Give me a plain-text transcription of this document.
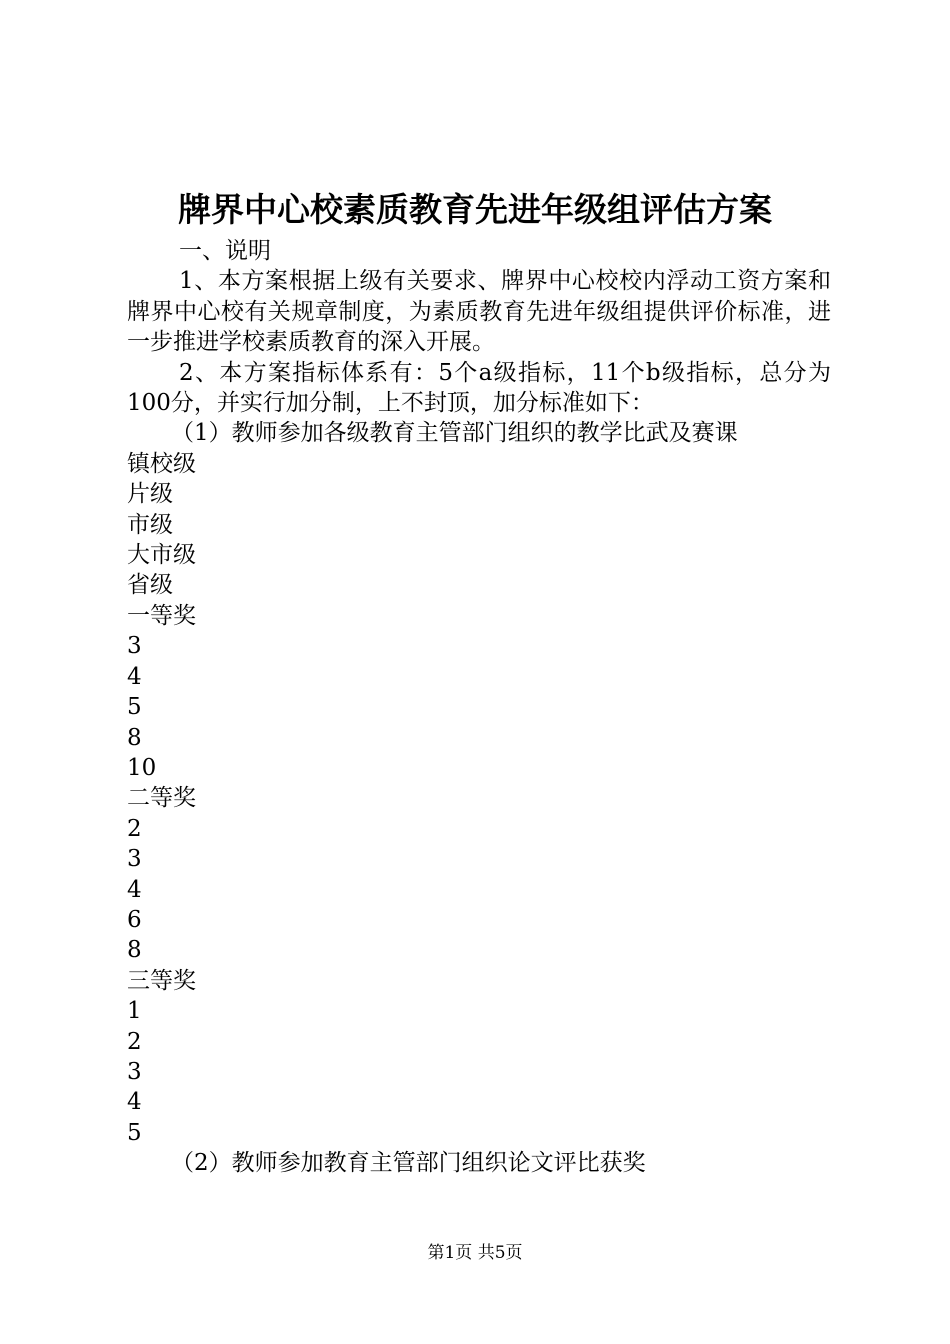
牌界中心校素质教育先进年级组评估方案

一、说明

1、本方案根据上级有关要求、牌界中心校校内浮动工资方案和牌界中心校有关规章制度，为素质教育先进年级组提供评价标准，进一步推进学校素质教育的深入开展。

2、本方案指标体系有：5个a级指标，11个b级指标，总分为100分，并实行加分制，上不封顶，加分标准如下：

（1）教师参加各级教育主管部门组织的教学比武及赛课

镇校级

片级

市级

大市级

省级

一等奖

3

4

5

8

10

二等奖

2

3

4

6

8

三等奖

1

2

3

4

5

（2）教师参加教育主管部门组织论文评比获奖

第1页 共5页
